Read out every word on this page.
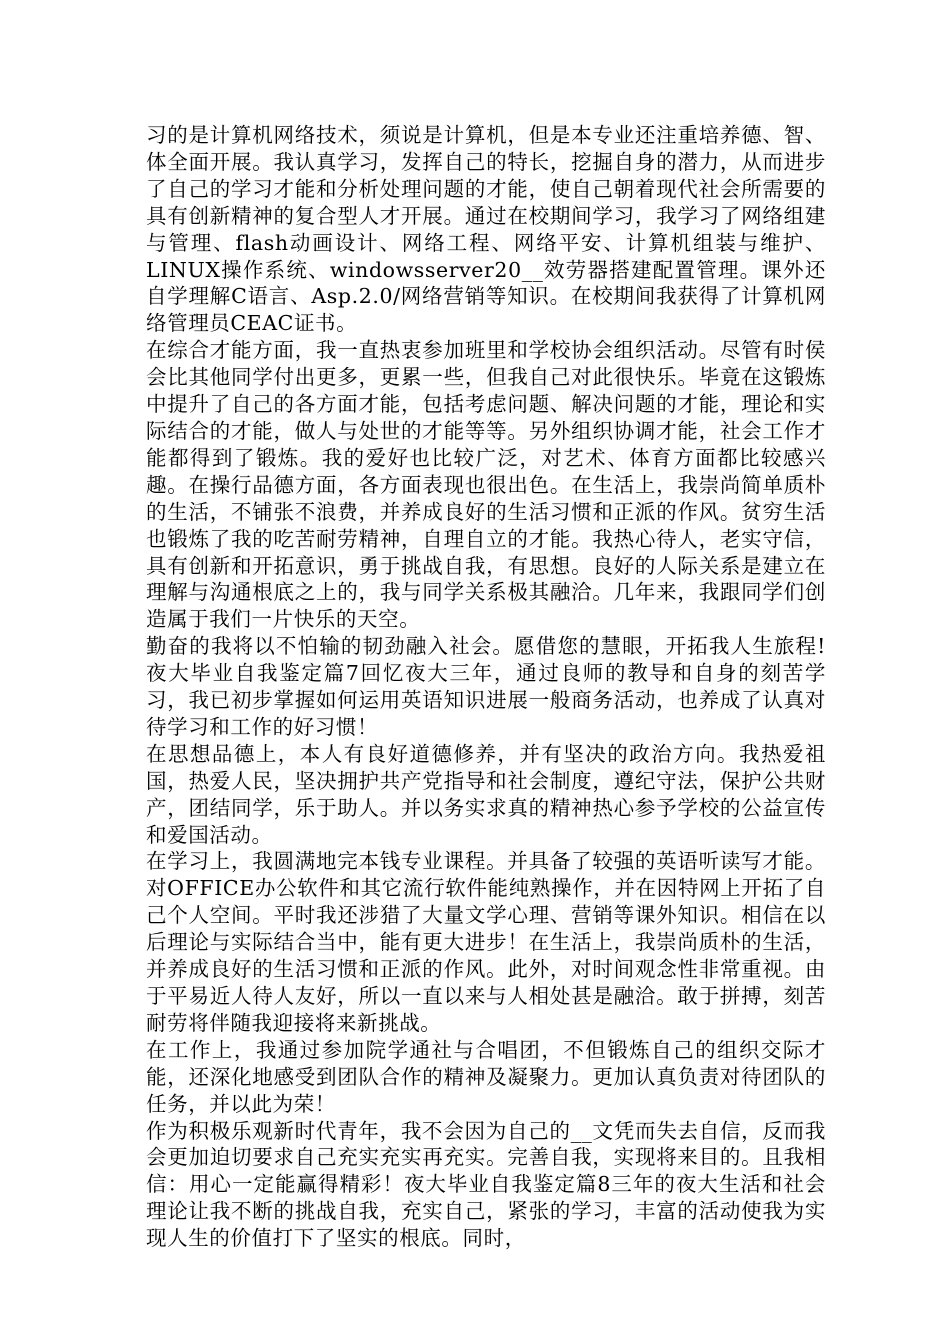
习的是计算机网络技术，须说是计算机，但是本专业还注重培养德、智、体全面开展。我认真学习，发挥自己的特长，挖掘自身的潜力，从而进步了自己的学习才能和分析处理问题的才能，使自己朝着现代社会所需要的具有创新精神的复合型人才开展。通过在校期间学习，我学习了网络组建与管理、flash动画设计、网络工程、网络平安、计算机组装与维护、LINUX操作系统、windowsserver20__效劳器搭建配置管理。课外还自学理解C语言、Asp.2.0/网络营销等知识。在校期间我获得了计算机网络管理员CEAC证书。

在综合才能方面，我一直热衷参加班里和学校协会组织活动。尽管有时侯会比其他同学付出更多，更累一些，但我自己对此很快乐。毕竟在这锻炼中提升了自己的各方面才能，包括考虑问题、解决问题的才能，理论和实际结合的才能，做人与处世的才能等等。另外组织协调才能，社会工作才能都得到了锻炼。我的爱好也比较广泛，对艺术、体育方面都比较感兴趣。在操行品德方面，各方面表现也很出色。在生活上，我崇尚简单质朴的生活，不铺张不浪费，并养成良好的生活习惯和正派的作风。贫穷生活也锻炼了我的吃苦耐劳精神，自理自立的才能。我热心待人，老实守信，具有创新和开拓意识，勇于挑战自我，有思想。良好的人际关系是建立在理解与沟通根底之上的，我与同学关系极其融洽。几年来，我跟同学们创造属于我们一片快乐的天空。

勤奋的我将以不怕输的韧劲融入社会。愿借您的慧眼，开拓我人生旅程!夜大毕业自我鉴定篇7回忆夜大三年，通过良师的教导和自身的刻苦学习，我已初步掌握如何运用英语知识进展一般商务活动，也养成了认真对待学习和工作的好习惯！

在思想品德上，本人有良好道德修养，并有坚决的政治方向。我热爱祖国，热爱人民，坚决拥护共产党指导和社会制度，遵纪守法，保护公共财产，团结同学，乐于助人。并以务实求真的精神热心参予学校的公益宣传和爱国活动。

在学习上，我圆满地完本钱专业课程。并具备了较强的英语听读写才能。对OFFICE办公软件和其它流行软件能纯熟操作，并在因特网上开拓了自己个人空间。平时我还涉猎了大量文学心理、营销等课外知识。相信在以后理论与实际结合当中，能有更大进步！在生活上，我崇尚质朴的生活，并养成良好的生活习惯和正派的作风。此外，对时间观念性非常重视。由于平易近人待人友好，所以一直以来与人相处甚是融洽。敢于拼搏，刻苦耐劳将伴随我迎接将来新挑战。

在工作上，我通过参加院学通社与合唱团，不但锻炼自己的组织交际才能，还深化地感受到团队合作的精神及凝聚力。更加认真负责对待团队的任务，并以此为荣！

作为积极乐观新时代青年，我不会因为自己的__文凭而失去自信，反而我会更加迫切要求自己充实充实再充实。完善自我，实现将来目的。且我相信：用心一定能赢得精彩！夜大毕业自我鉴定篇8三年的夜大生活和社会理论让我不断的挑战自我，充实自己，紧张的学习，丰富的活动使我为实现人生的价值打下了坚实的根底。同时，
